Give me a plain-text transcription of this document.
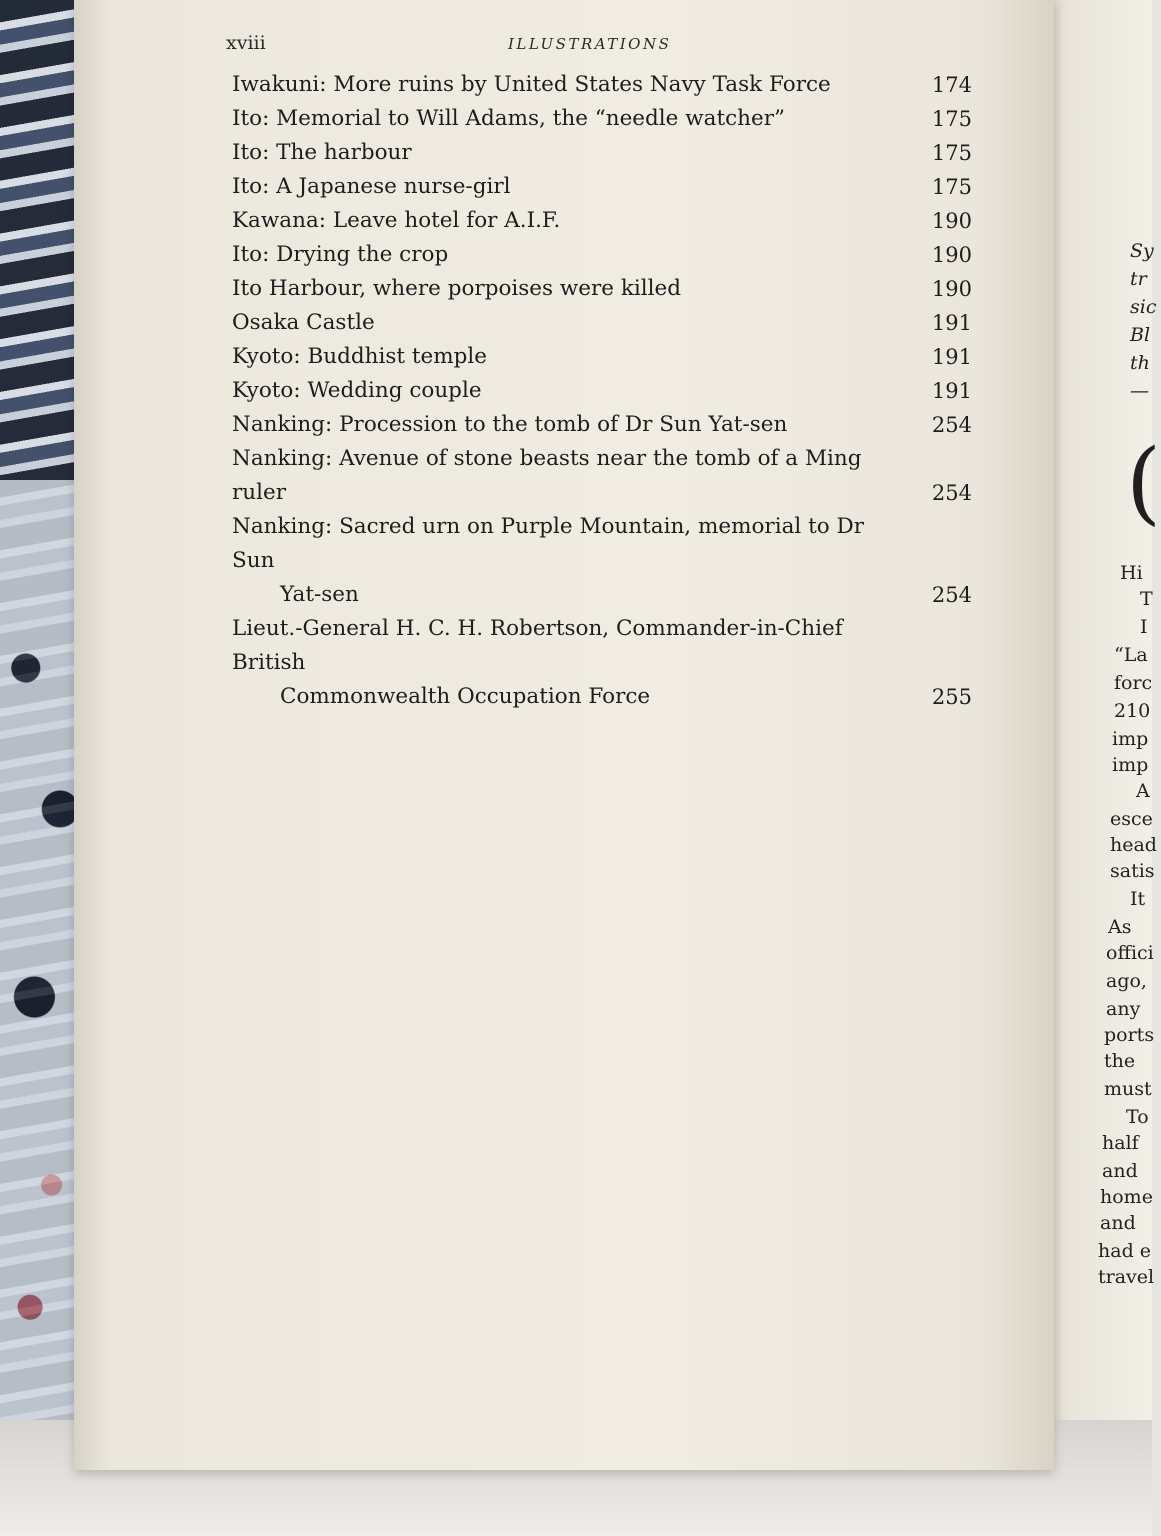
Sy
tr
sic
Bl
th
—
Hi
T
I
“La
forc
210
imp
imp
A
esce
head
satis
It
As
offici
ago,
any
ports
the
must
To
half
and
home
and
had e
travel
(
xviii	ILLUSTRATIONS
Iwakuni: More ruins by United States Navy Task Force	174
Ito: Memorial to Will Adams, the “needle watcher”	175
Ito: The harbour	175
Ito: A Japanese nurse-girl	175
Kawana: Leave hotel for A.I.F.	190
Ito: Drying the crop	190
Ito Harbour, where porpoises were killed	190
Osaka Castle	191
Kyoto: Buddhist temple	191
Kyoto: Wedding couple	191
Nanking: Procession to the tomb of Dr Sun Yat-sen	254
Nanking: Avenue of stone beasts near the tomb of a Ming ruler	254
Nanking: Sacred urn on Purple Mountain, memorial to Dr Sun
Yat-sen	254
Lieut.-General H. C. H. Robertson, Commander-in-Chief British
Commonwealth Occupation Force	255
